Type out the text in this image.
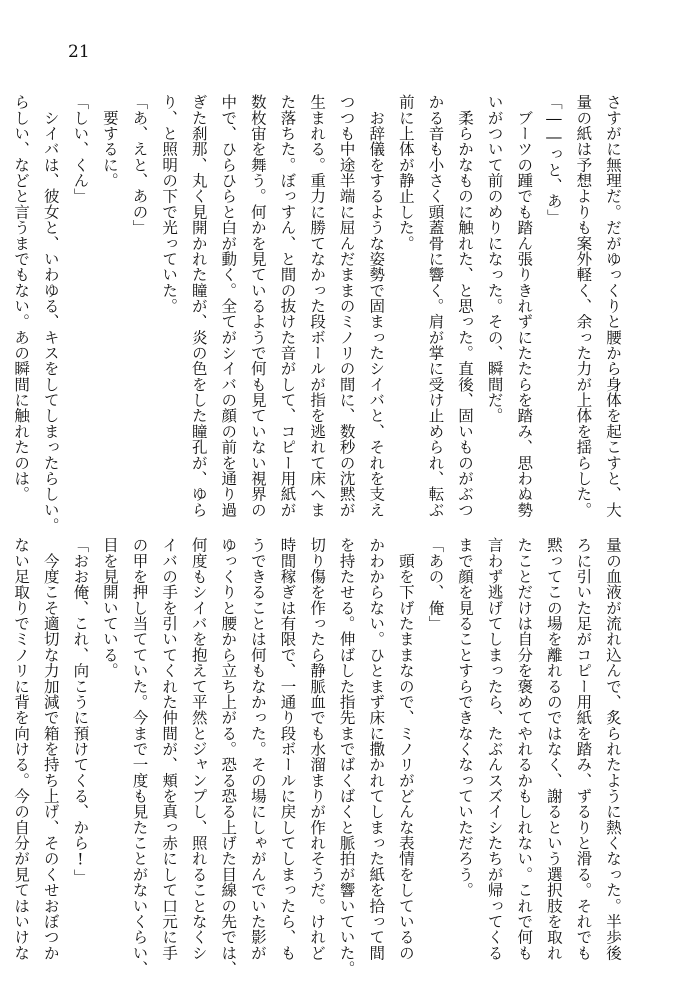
21
さすがに無理だ。だがゆっくりと腰から身体を起こすと、大
量の紙は予想よりも案外軽く、余った力が上体を揺らした。
「――っと、あ」
　ブーツの踵でも踏ん張りきれずにたたらを踏み、思わぬ勢
いがついて前のめりになった。その、瞬間だ。
　柔らかなものに触れた、と思った。直後、固いものがぶつ
かる音も小さく頭蓋骨に響く。肩が掌に受け止められ、転ぶ
前に上体が静止した。
　お辞儀をするような姿勢で固まったシイバと、それを支え
つつも中途半端に屈んだままのミノリの間に、数秒の沈黙が
生まれる。重力に勝てなかった段ボールが指を逃れて床へま
た落ちた。ぼっすん、と間の抜けた音がして、コピー用紙が
数枚宙を舞う。何かを見ているようで何も見ていない視界の
中で、ひらひらと白が動く。全てがシイバの顔の前を通り過
ぎた刹那、丸く見開かれた瞳が、炎の色をした瞳孔が、ゆら
り、と照明の下で光っていた。
「あ、えと、あの」
　要するに。
「しい、くん」
　シイバは、彼女と、いわゆる、キスをしてしまったらしい。
らしい、などと言うまでもない。あの瞬間に触れたのは。
量の血液が流れ込んで、炙られたように熱くなった。半歩後
ろに引いた足がコピー用紙を踏み、ずるりと滑る。それでも
黙ってこの場を離れるのではなく、謝るという選択肢を取れ
たことだけは自分を褒めてやれるかもしれない。これで何も
言わず逃げてしまったら、たぶんスズイシたちが帰ってくる
まで顔を見ることすらできなくなっていただろう。
「あの、俺」
　頭を下げたままなので、ミノリがどんな表情をしているの
かわからない。ひとまず床に撒かれてしまった紙を拾って間
を持たせる。伸ばした指先までばくばくと脈拍が響いていた。
切り傷を作ったら静脈血でも水溜まりが作れそうだ。けれど
時間稼ぎは有限で、一通り段ボールに戻してしまったら、も
うできることは何もなかった。その場にしゃがんでいた影が
ゆっくりと腰から立ち上がる。恐る恐る上げた目線の先では、
何度もシイバを抱えて平然とジャンプし、照れることなくシ
イバの手を引いてくれた仲間が、頬を真っ赤にして口元に手
の甲を押し当てていた。今まで一度も見たことがないくらい、
目を見開いている。
「おお俺、これ、向こうに預けてくる、から!」
　今度こそ適切な力加減で箱を持ち上げ、そのくせおぼつか
ない足取りでミノリに背を向ける。今の自分が見てはいけな
